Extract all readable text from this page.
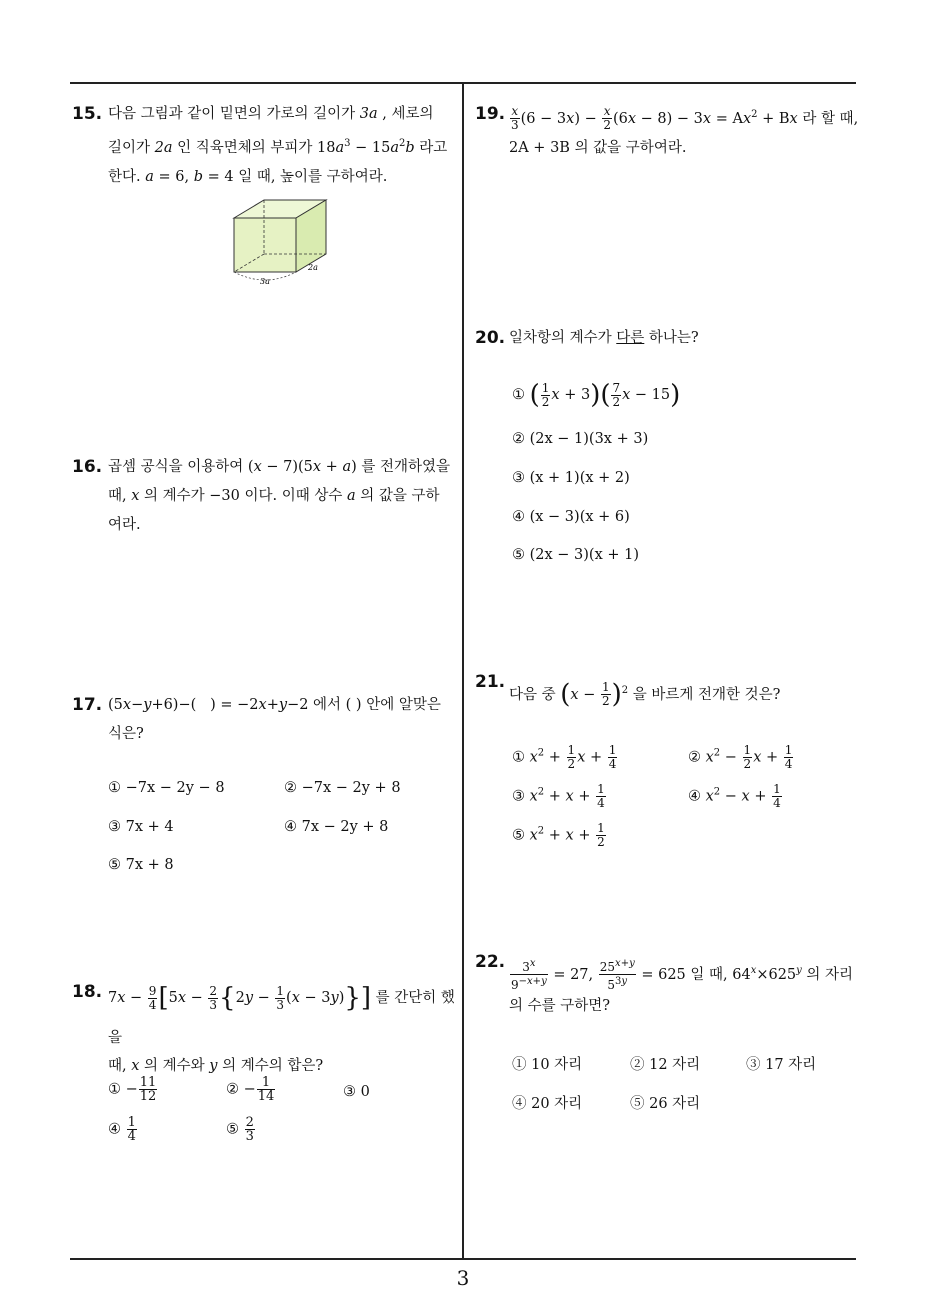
15. 다음 그림과 같이 밑면의 가로의 길이가 3a , 세로의
길이가 2a 인 직육면체의 부피가 $18a^3 - 15a^2b$ 라고
한다. a = 6, b = 4 일 때, 높이를 구하여라.
3a
2a
16. 곱셈 공식을 이용하여 (x − 7)(5x + a) 를 전개하였을
때, x 의 계수가 −30 이다. 이때 상수 a 의 값을 구하
여라.
17. (5x−y+6)−(   ) = −2x+y−2 에서 ( ) 안에 알맞은
식은?
① −7x − 2y − 8	② −7x − 2y + 8
③ 7x + 4	④ 7x − 2y + 8
⑤ 7x + 8
18. $7x - \frac{9}{4} [5x - \frac{2}{3} \{2y - \frac{1}{3} (x - 3y)\}]$ 를 간단히 했을
때, x 의 계수와 y 의 계수의 합은?
① − $\frac{11}{12}$	② − $\frac{1}{14}$	③ 0
④ $\frac{1}{4}$	⑤ $\frac{2}{3}$
19. $\frac{x}{3} (6 - 3x) - \frac{x}{2} (6x - 8) - 3x = Ax^2 + Bx$ 라 할 때,
2A + 3B 의 값을 구하여라.
20. 일차항의 계수가 다른 하나는?
① ( $\frac{1}{2}$ $x + 3)( \frac{7}{2}$ x − 15)
② (2x − 1)(3x + 3)
③ (x + 1)(x + 2)
④ (x − 3)(x + 6)
⑤ (2x − 3)(x + 1)
21.
다음 중 $(x - \frac{1}{2} )^2$ 을 바르게 전개한 것은?
① $x^2 + \frac{1}{2}$ $x + \frac{1}{4}$	② $x^2 - \frac{1}{2}$ $x + \frac{1}{4}$
③ $x^2 + x + \frac{1}{4}$	④ $x^2 - x + \frac{1}{4}$
⑤ $x^2 + x + \frac{1}{2}$
22. $\frac{3^x}{9^{-x+y}} = 27$, $\frac{25^{x+y}}{5^{3y}} = 625$ 일 때, $64^x\times 625^y$ 의 자리
의 수를 구하면?
① 10 자리	② 12 자리	③ 17 자리
④ 20 자리	⑤ 26 자리
3
